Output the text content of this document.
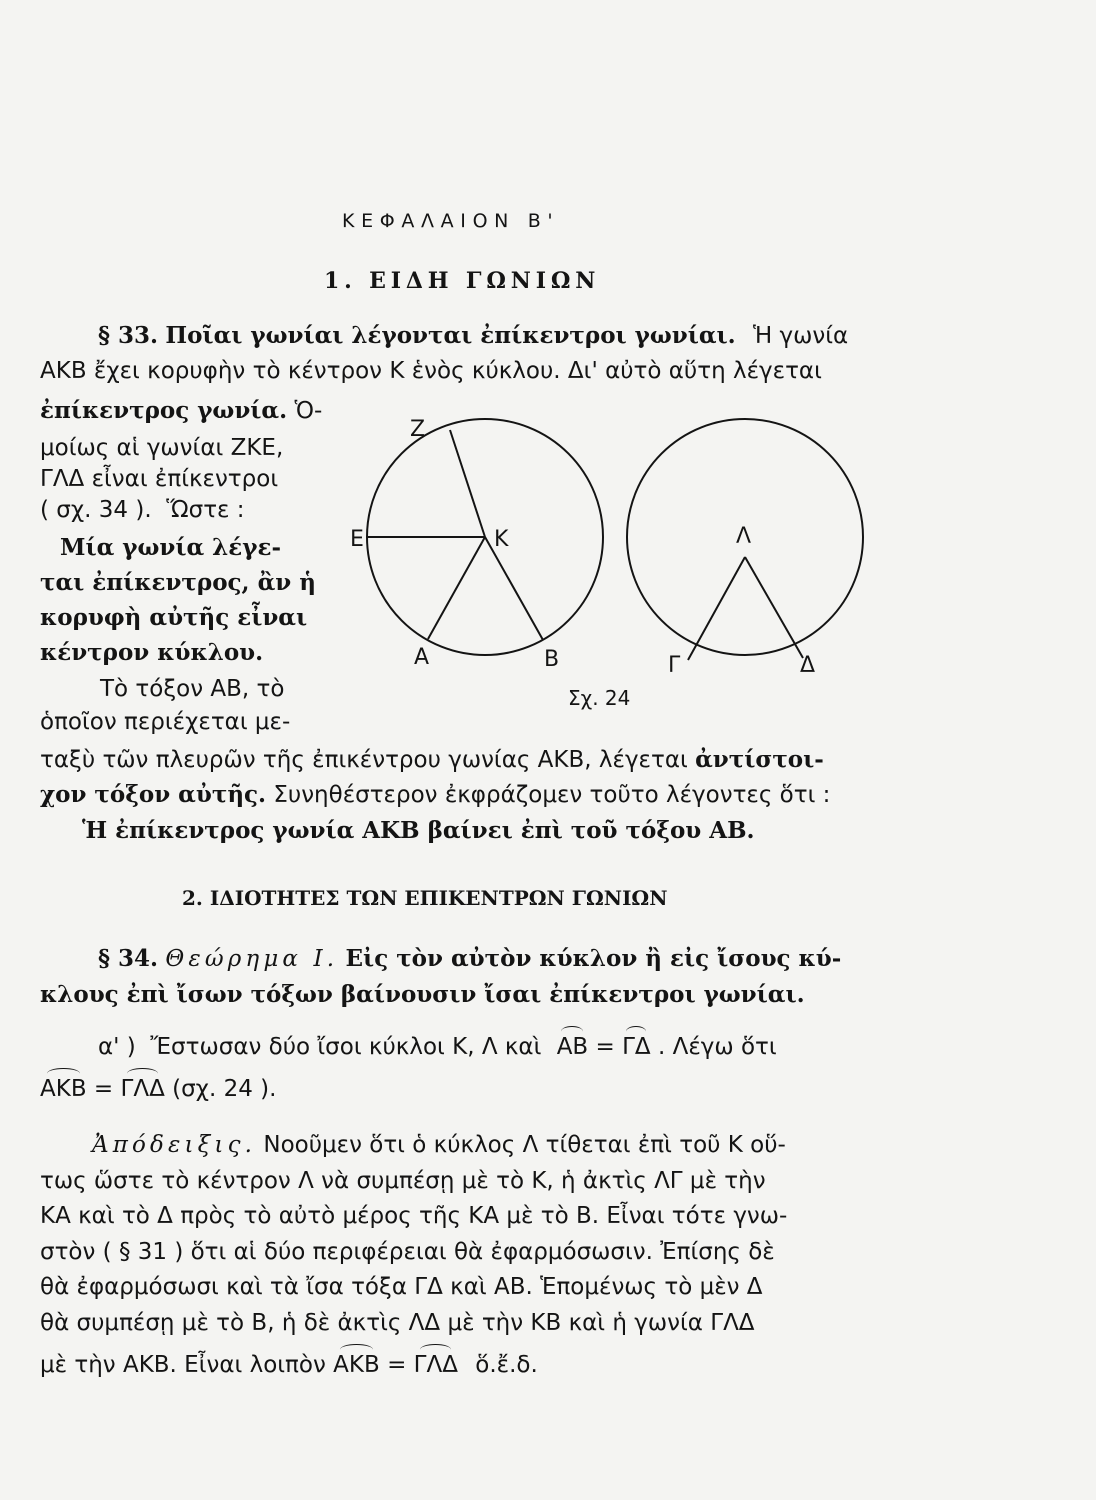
ΚΕΦΑΛΑΙΟΝ Β'
1. ΕΙΔΗ ΓΩΝΙΩΝ
§ 33. Ποῖαι γωνίαι λέγονται ἐπίκεντροι γωνίαι. Ἡ γωνία
ΑΚΒ ἔχει κορυφὴν τὸ κέντρον Κ ἑνὸς κύκλου. Δι' αὐτὸ αὕτη λέγεται
ἐπίκεντρος γωνία. Ὁ-
μοίως αἱ γωνίαι ΖΚΕ,
ΓΛΔ εἶναι ἐπίκεντροι
( σχ. 34 ).  Ὥστε :
Μία γωνία λέγε-
ται ἐπίκεντρος, ἂν ἡ
κορυφὴ αὐτῆς εἶναι
κέντρον κύκλου.
Τὸ τόξον ΑΒ, τὸ
ὁποῖον περιέχεται με-
ταξὺ τῶν πλευρῶν τῆς ἐπικέντρου γωνίας ΑΚΒ, λέγεται ἀντίστοι-
χον τόξον αὐτῆς. Συνηθέστερον ἐκφράζομεν τοῦτο λέγοντες ὅτι :
Ἡ ἐπίκεντρος γωνία ΑΚΒ βαίνει ἐπὶ τοῦ τόξου ΑΒ.
Z
E	K
A	B
Λ
Γ	Δ
Σχ. 24
2. ΙΔΙΟΤΗΤΕΣ ΤΩΝ ΕΠΙΚΕΝΤΡΩΝ ΓΩΝΙΩΝ
§ 34. Θεώρημα Ι. Εἰς τὸν αὐτὸν κύκλον ἢ εἰς ἴσους κύ-
κλους ἐπὶ ἴσων τόξων βαίνουσιν ἴσαι ἐπίκεντροι γωνίαι.
α' )  Ἔστωσαν δύο ἴσοι κύκλοι Κ, Λ καὶ ΑΒ = ΓΔ . Λέγω ὅτι
ΑΚΒ = ΓΛΔ (σχ. 24 ).
Ἀπόδειξις. Νοοῦμεν ὅτι ὁ κύκλος Λ τίθεται ἐπὶ τοῦ Κ οὕ-
τως ὥστε τὸ κέντρον Λ νὰ συμπέσῃ μὲ τὸ Κ, ἡ ἀκτὶς ΛΓ μὲ τὴν
ΚΑ καὶ τὸ Δ πρὸς τὸ αὐτὸ μέρος τῆς ΚΑ μὲ τὸ Β. Εἶναι τότε γνω-
στὸν ( § 31 ) ὅτι αἱ δύο περιφέρειαι θὰ ἐφαρμόσωσιν. Ἐπίσης δὲ
θὰ ἐφαρμόσωσι καὶ τὰ ἴσα τόξα ΓΔ καὶ ΑΒ. Ἑπομένως τὸ μὲν Δ
θὰ συμπέσῃ μὲ τὸ Β, ἡ δὲ ἀκτὶς ΛΔ μὲ τὴν ΚΒ καὶ ἡ γωνία ΓΛΔ
μὲ τὴν ΑΚΒ. Εἶναι λοιπὸν ΑΚΒ = ΓΛΔ ὅ.ἔ.δ.
